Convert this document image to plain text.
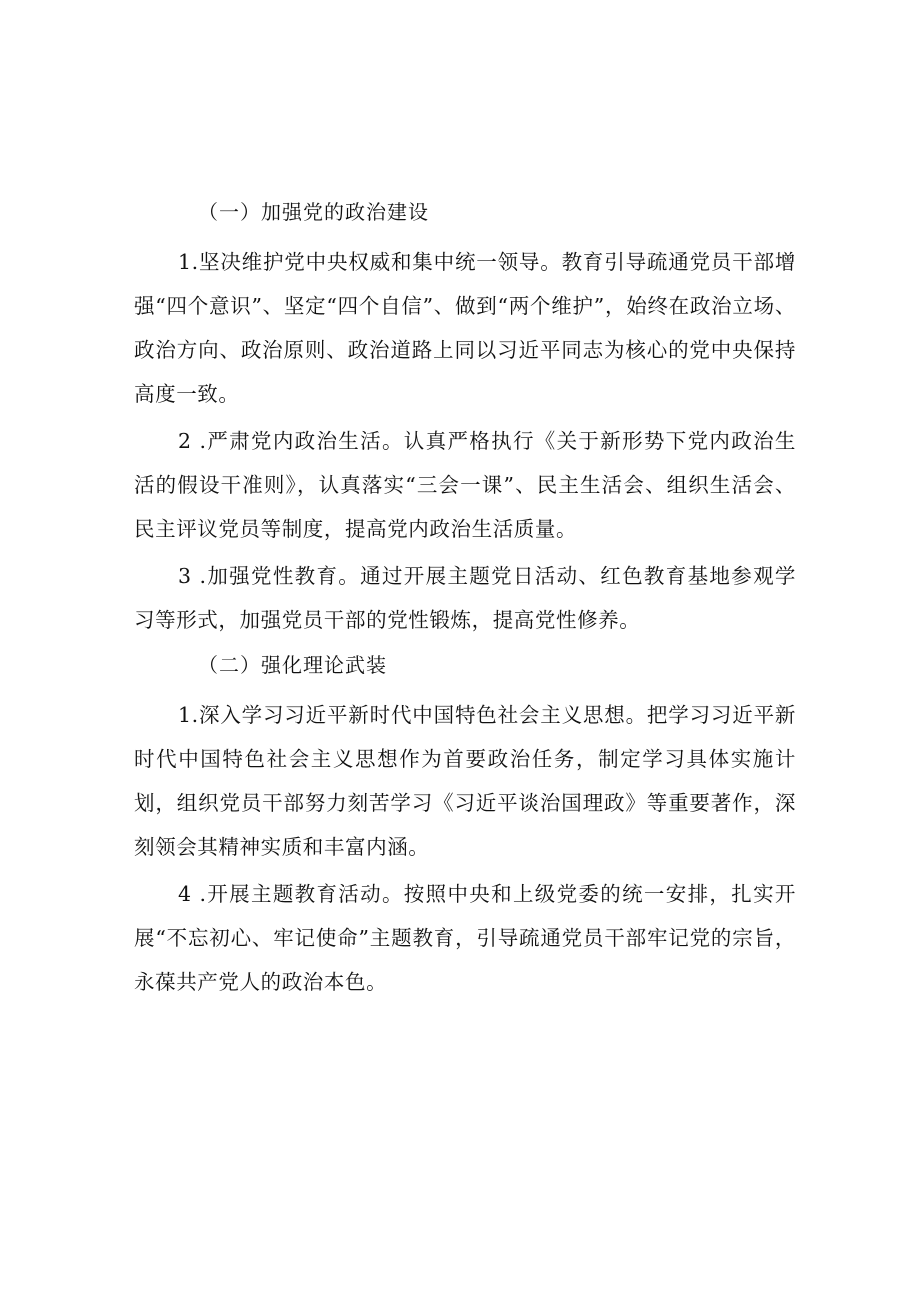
（一）加强党的政治建设

1.坚决维护党中央权威和集中统一领导。教育引导疏通党员干部增强“四个意识”、坚定“四个自信”、做到“两个维护”，始终在政治立场、政治方向、政治原则、政治道路上同以习近平同志为核心的党中央保持高度一致。

2 .严肃党内政治生活。认真严格执行《关于新形势下党内政治生活的假设干准则》，认真落实“三会一课”、民主生活会、组织生活会、民主评议党员等制度，提高党内政治生活质量。

3 .加强党性教育。通过开展主题党日活动、红色教育基地参观学习等形式，加强党员干部的党性锻炼，提高党性修养。

（二）强化理论武装

1.深入学习习近平新时代中国特色社会主义思想。把学习习近平新时代中国特色社会主义思想作为首要政治任务，制定学习具体实施计划，组织党员干部努力刻苦学习《习近平谈治国理政》等重要著作，深刻领会其精神实质和丰富内涵。

4 .开展主题教育活动。按照中央和上级党委的统一安排，扎实开展“不忘初心、牢记使命”主题教育，引导疏通党员干部牢记党的宗旨，永葆共产党人的政治本色。
